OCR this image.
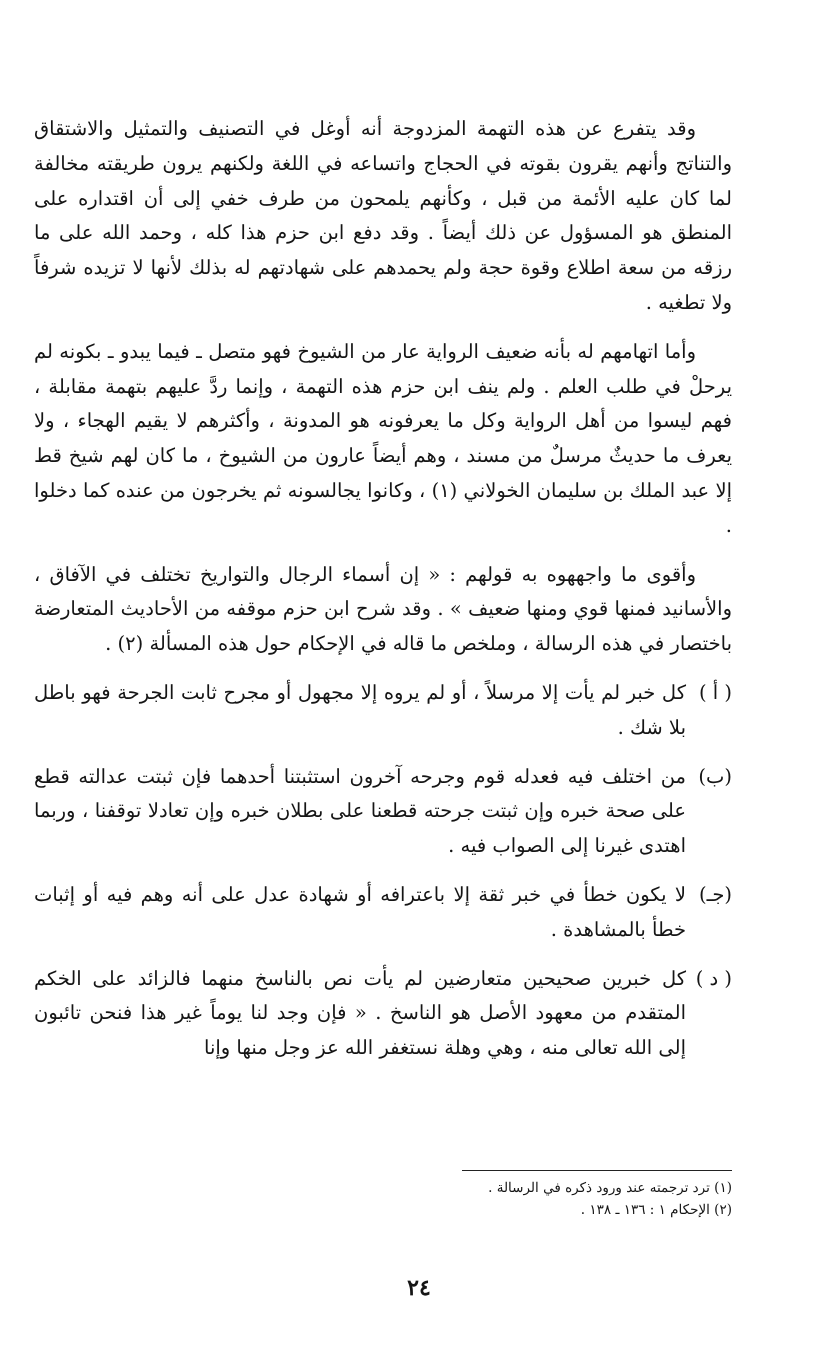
وقد يتفرع عن هذه التهمة المزدوجة أنه أوغل في التصنيف والتمثيل والاشتقاق والتناتج وأنهم يقرون بقوته في الحجاج واتساعه في اللغة ولكنهم يرون طريقته مخالفة لما كان عليه الأئمة من قبل ، وكأنهم يلمحون من طرف خفي إلى أن اقتداره على المنطق هو المسؤول عن ذلك أيضاً . وقد دفع ابن حزم هذا كله ، وحمد الله على ما رزقه من سعة اطلاع وقوة حجة ولم يحمدهم على شهادتهم له بذلك لأنها لا تزيده شرفاً ولا تطغيه .

وأما اتهامهم له بأنه ضعيف الرواية عار من الشيوخ فهو متصل ـ فيما يبدو ـ بكونه لم يرحلْ في طلب العلم . ولم ينف ابن حزم هذه التهمة ، وإنما ردَّ عليهم بتهمة مقابلة ، فهم ليسوا من أهل الرواية وكل ما يعرفونه هو المدونة ، وأكثرهم لا يقيم الهجاء ، ولا يعرف ما حديثٌ مرسلٌ من مسند ، وهم أيضاً عارون من الشيوخ ، ما كان لهم شيخ قط إلا عبد الملك بن سليمان الخولاني (١) ، وكانوا يجالسونه ثم يخرجون من عنده كما دخلوا .

وأقوى ما واجههوه به قولهم : « إن أسماء الرجال والتواريخ تختلف في الآفاق ، والأسانيد فمنها قوي ومنها ضعيف » . وقد شرح ابن حزم موقفه من الأحاديث المتعارضة باختصار في هذه الرسالة ، وملخص ما قاله في الإحكام حول هذه المسألة (٢) .

( أ )
كل خبر لم يأت إلا مرسلاً ، أو لم يروه إلا مجهول أو مجرح ثابت الجرحة فهو باطل بلا شك .
(ب)
من اختلف فيه فعدله قوم وجرحه آخرون استثبتنا أحدهما فإن ثبتت عدالته قطع على صحة خبره وإن ثبتت جرحته قطعنا على بطلان خبره وإن تعادلا توقفنا ، وربما اهتدى غيرنا إلى الصواب فيه .
(جـ)
لا يكون خطأ في خبر ثقة إلا باعترافه أو شهادة عدل على أنه وهم فيه أو إثبات خطأ بالمشاهدة .
( د )
كل خبرين صحيحين متعارضين لم يأت نص بالناسخ منهما فالزائد على الخكم المتقدم من معهود الأصل هو الناسخ . « فإن وجد لنا يوماً غير هذا فنحن تائبون إلى الله تعالى منه ، وهي وهلة نستغفر الله عز وجل منها وإنا

(١) ترد ترجمته عند ورود ذكره في الرسالة .

(٢) الإحكام ١ : ١٣٦ ـ ١٣٨ .

٢٤
